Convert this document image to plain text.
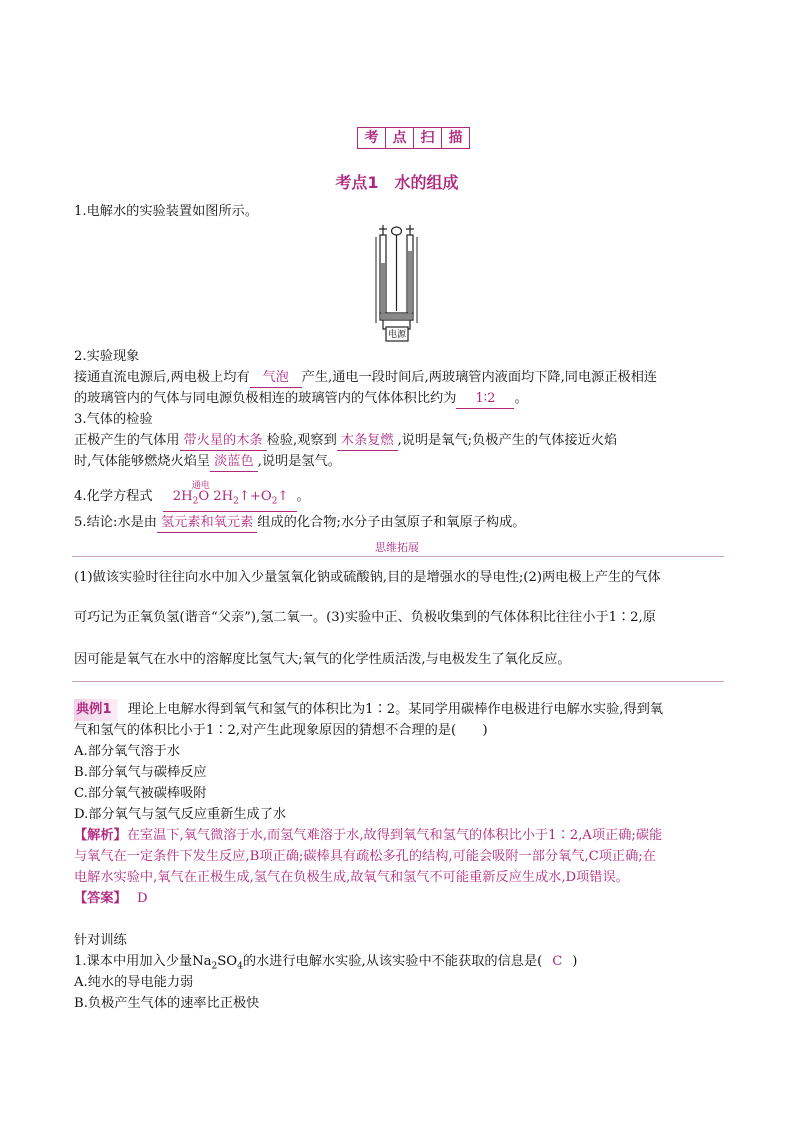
考	点	扫	描
考点1　水的组成
1.电解水的实验装置如图所示。
电源
2.实验现象
接通直流电源后,两电极上均有 气泡 产生,通电一段时间后,两玻璃管内液面均下降,同电源正极相连
的玻璃管内的气体与同电源负极相连的玻璃管内的气体体积比约为 1∶2 。
3.气体的检验
正极产生的气体用 带火星的木条 检验,观察到 木条复燃 ,说明是氧气;负极产生的气体接近火焰
时,气体能够燃烧火焰呈 淡蓝色 ,说明是氢气。
4.化学方程式
通电
$2H_2O$ $2H_2↑+O_2↑$ 。
5.结论:水是由 氢元素和氧元素 组成的化合物;水分子由氢原子和氧原子构成。
思维拓展
(1)做该实验时往往向水中加入少量氢氧化钠或硫酸钠,目的是增强水的导电性;(2)两电极上产生的气体
可巧记为正氧负氢(谐音“父亲”),氢二氧一。(3)实验中正、负极收集到的气体体积比往往小于1∶2,原
因可能是氧气在水中的溶解度比氢气大;氧气的化学性质活泼,与电极发生了氧化反应。
典例1 理论上电解水得到氧气和氢气的体积比为1∶2。某同学用碳棒作电极进行电解水实验,得到氧
气和氢气的体积比小于1∶2,对产生此现象原因的猜想不合理的是(　　)
A.部分氧气溶于水
B.部分氧气与碳棒反应
C.部分氧气被碳棒吸附
D.部分氧气与氢气反应重新生成了水
【解析】在室温下,氧气微溶于水,而氢气难溶于水,故得到氧气和氢气的体积比小于1∶2,A项正确;碳能
与氧气在一定条件下发生反应,B项正确;碳棒具有疏松多孔的结构,可能会吸附一部分氧气,C项正确;在
电解水实验中,氧气在正极生成,氢气在负极生成,故氧气和氢气不可能重新反应生成水,D项错误。
【答案】 D
针对训练
1.课本中用加入少量$Na_2SO_4$的水进行电解水实验,从该实验中不能获取的信息是( C )
A.纯水的导电能力弱
B.负极产生气体的速率比正极快
